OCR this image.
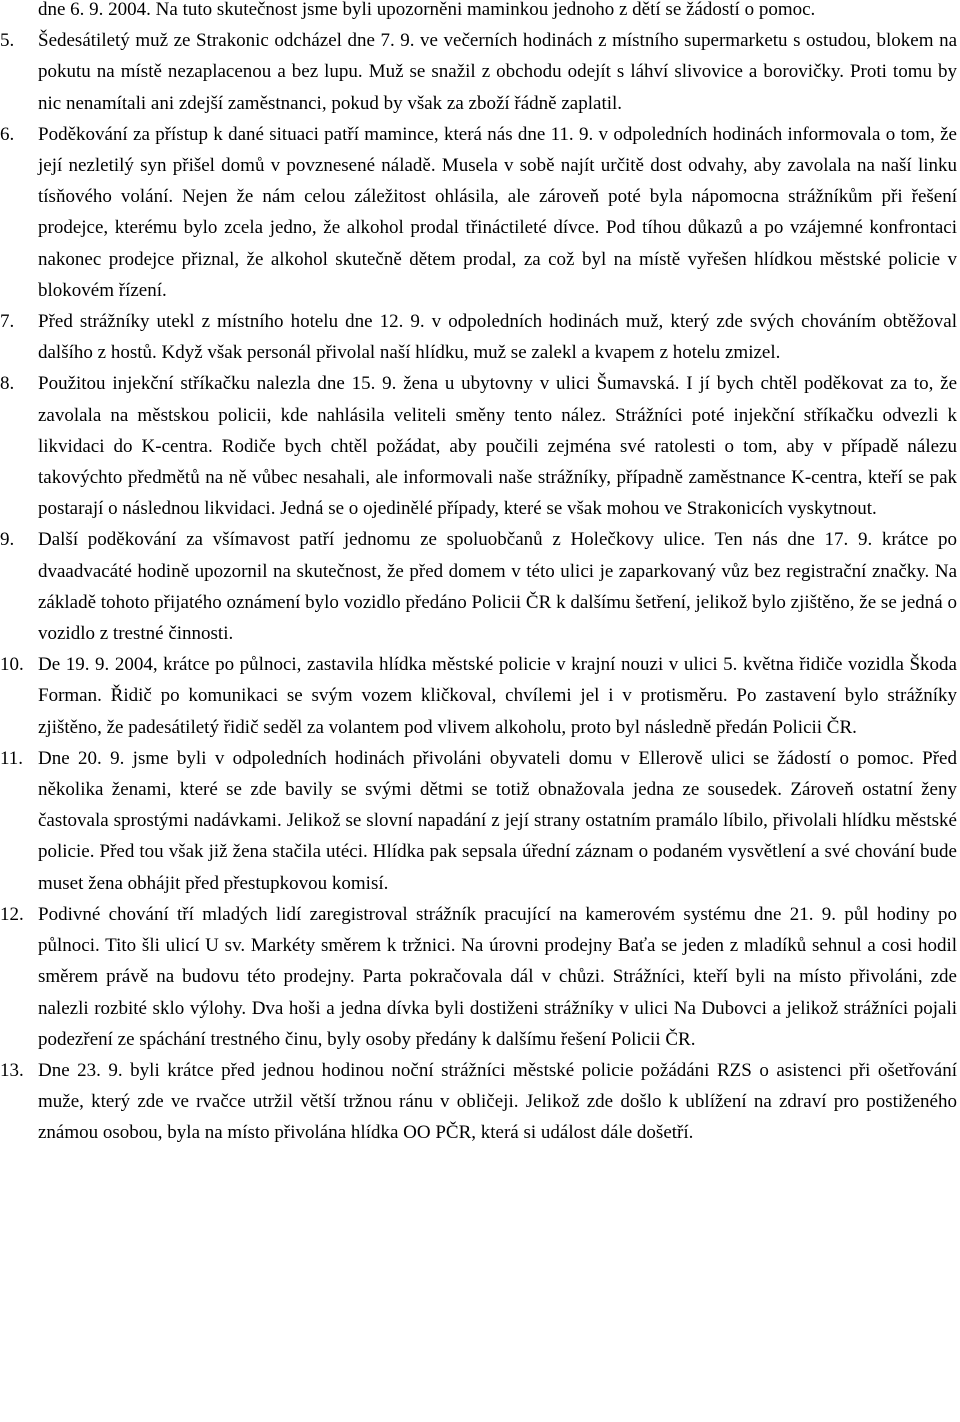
dne 6. 9. 2004. Na tuto skutečnost jsme byli upozorněni maminkou jednoho z dětí se žádostí o pomoc.

5. Šedesátiletý muž ze Strakonic odcházel dne 7. 9. ve večerních hodinách z místního supermarketu s ostudou, blokem na pokutu na místě nezaplacenou a bez lupu. Muž se snažil z obchodu odejít s láhví slivovice a borovičky. Proti tomu by nic nenamítali ani zdejší zaměstnanci, pokud by však za zboží řádně zaplatil.

6. Poděkování za přístup k dané situaci patří mamince, která nás dne 11. 9. v odpoledních hodinách informovala o tom, že její nezletilý syn přišel domů v povznesené náladě. Musela v sobě najít určitě dost odvahy, aby zavolala na naší linku tísňového volání. Nejen že nám celou záležitost ohlásila, ale zároveň poté byla nápomocna strážníkům při řešení prodejce, kterému bylo zcela jedno, že alkohol prodal třináctileté dívce. Pod tíhou důkazů a po vzájemné konfrontaci nakonec prodejce přiznal, že alkohol skutečně dětem prodal, za což byl na místě vyřešen hlídkou městské policie v blokovém řízení.

7. Před strážníky utekl z místního hotelu dne 12. 9. v odpoledních hodinách muž, který zde svých chováním obtěžoval dalšího z hostů. Když však personál přivolal naší hlídku, muž se zalekl a kvapem z hotelu zmizel.

8. Použitou injekční stříkačku nalezla dne 15. 9. žena u ubytovny v ulici Šumavská. I jí bych chtěl poděkovat za to, že zavolala na městskou policii, kde nahlásila veliteli směny tento nález. Strážníci poté injekční stříkačku odvezli k likvidaci do K-centra. Rodiče bych chtěl požádat, aby poučili zejména své ratolesti o tom, aby v případě nálezu takovýchto předmětů na ně vůbec nesahali, ale informovali naše strážníky, případně zaměstnance K-centra, kteří se pak postarají o následnou likvidaci. Jedná se o ojedinělé případy, které se však mohou ve Strakonicích vyskytnout.

9. Další poděkování za všímavost patří jednomu ze spoluobčanů z Holečkovy ulice. Ten nás dne 17. 9. krátce po dvaadvacáté hodině upozornil na skutečnost, že před domem v této ulici je zaparkovaný vůz bez registrační značky. Na základě tohoto přijatého oznámení bylo vozidlo předáno Policii ČR k dalšímu šetření, jelikož bylo zjištěno, že se jedná o vozidlo z trestné činnosti.

10. De 19. 9. 2004, krátce po půlnoci, zastavila hlídka městské policie v krajní nouzi v ulici 5. května řidiče vozidla Škoda Forman. Řidič po komunikaci se svým vozem kličkoval, chvílemi jel i v protisměru. Po zastavení bylo strážníky zjištěno, že padesátiletý řidič seděl za volantem pod vlivem alkoholu, proto byl následně předán Policii ČR.

11. Dne 20. 9. jsme byli v odpoledních hodinách přivoláni obyvateli domu v Ellerově ulici se žádostí o pomoc. Před několika ženami, které se zde bavily se svými dětmi se totiž obnažovala jedna ze sousedek. Zároveň ostatní ženy častovala sprostými nadávkami. Jelikož se slovní napadání z její strany ostatním pramálo líbilo, přivolali hlídku městské policie. Před tou však již žena stačila utéci. Hlídka pak sepsala úřední záznam o podaném vysvětlení a své chování bude muset žena obhájit před přestupkovou komisí.

12. Podivné chování tří mladých lidí zaregistroval strážník pracující na kamerovém systému dne 21. 9. půl hodiny po půlnoci. Tito šli ulicí U sv. Markéty směrem k tržnici. Na úrovni prodejny Baťa se jeden z mladíků sehnul a cosi hodil směrem právě na budovu této prodejny. Parta pokračovala dál v chůzi. Strážníci, kteří byli na místo přivoláni, zde nalezli rozbité sklo výlohy. Dva hoši a jedna dívka byli dostiženi strážníky v ulici Na Dubovci a jelikož strážníci pojali podezření ze spáchání trestného činu, byly osoby předány k dalšímu řešení Policii ČR.

13. Dne 23. 9. byli krátce před jednou hodinou noční strážníci městské policie požádáni RZS o asistenci při ošetřování muže, který zde ve rvačce utržil větší tržnou ránu v obličeji. Jelikož zde došlo k ublížení na zdraví pro postiženého známou osobou, byla na místo přivolána hlídka OO PČR, která si událost dále došetří.
